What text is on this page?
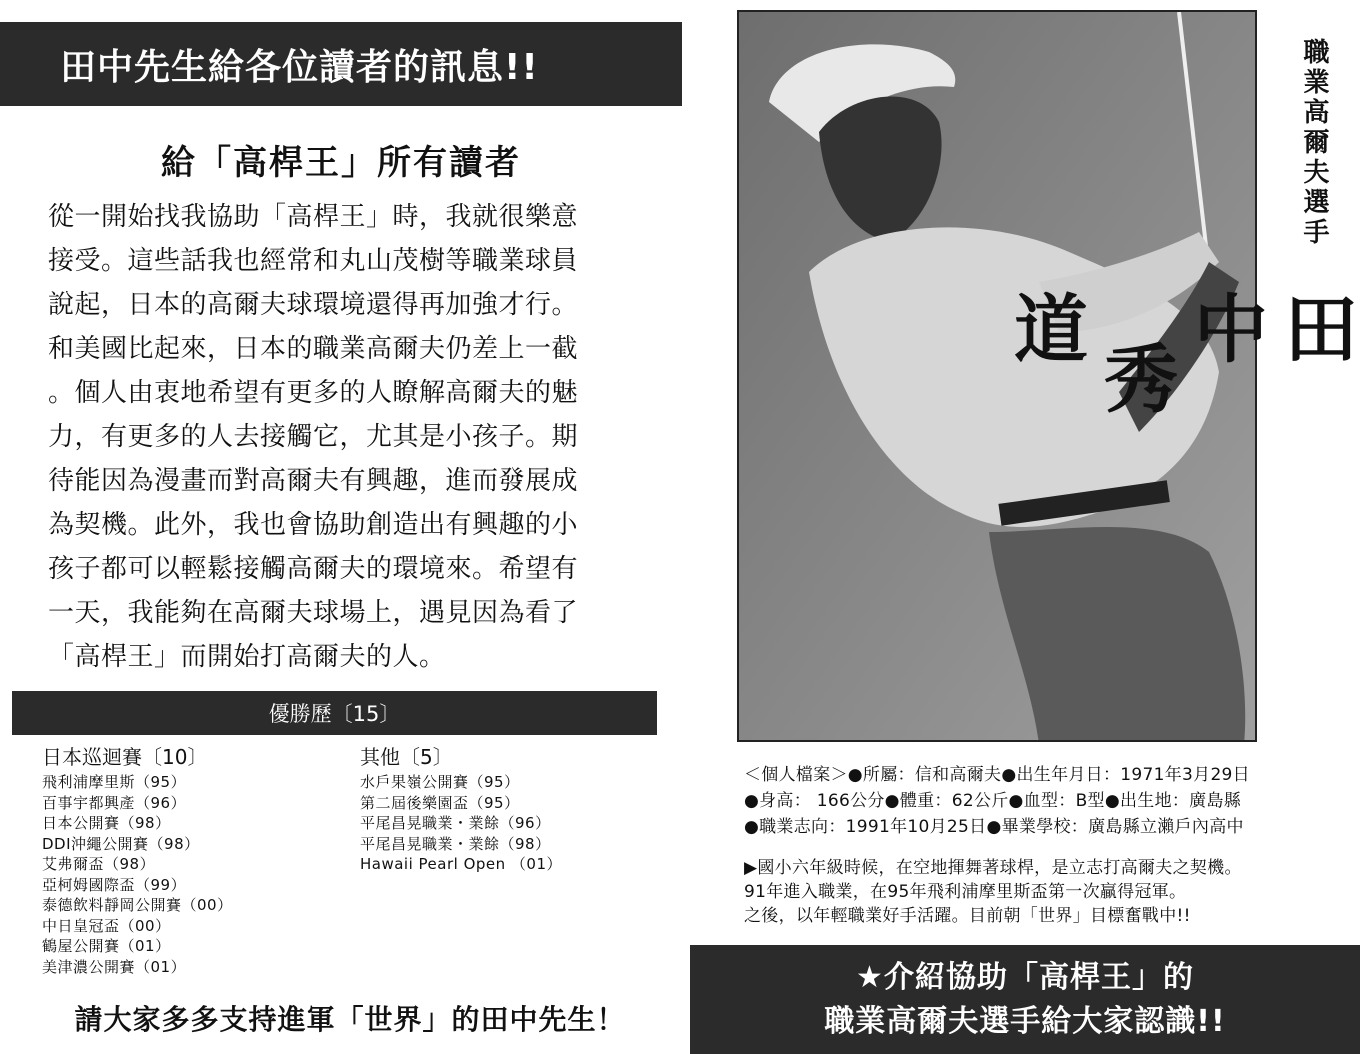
田中先生給各位讀者的訊息!!
給「高桿王」所有讀者
從一開始找我協助「高桿王」時，我就很樂意
接受。這些話我也經常和丸山茂樹等職業球員
說起，日本的高爾夫球環境還得再加強才行。
和美國比起來，日本的職業高爾夫仍差上一截
。個人由衷地希望有更多的人瞭解高爾夫的魅
力，有更多的人去接觸它，尤其是小孩子。期
待能因為漫畫而對高爾夫有興趣，進而發展成
為契機。此外，我也會協助創造出有興趣的小
孩子都可以輕鬆接觸高爾夫的環境來。希望有
一天，我能夠在高爾夫球場上，遇見因為看了
「高桿王」而開始打高爾夫的人。
優勝歷〔15〕
日本巡迴賽〔10〕
飛利浦摩里斯（95）
百事宇都興產（96）
日本公開賽（98）
DDI沖繩公開賽（98）
艾弗爾盃（98）
亞柯姆國際盃（99）
泰德飲料靜岡公開賽（00）
中日皇冠盃（00）
鶴屋公開賽（01）
美津濃公開賽（01）
其他〔5〕
水戶果嶺公開賽（95）
第二屆後樂園盃（95）
平尾昌晃職業・業餘（96）
平尾昌晃職業・業餘（98）
Hawaii Pearl Open （01）
請大家多多支持進軍「世界」的田中先生！
職業高爾夫選手
田
中
秀
道
＜個人檔案＞●所屬：信和高爾夫●出生年月日：1971年3月29日
●身高： 166公分●體重：62公斤●血型：B型●出生地：廣島縣
●職業志向：1991年10月25日●畢業學校：廣島縣立瀨戶內高中
▶國小六年級時候，在空地揮舞著球桿，是立志打高爾夫之契機。
91年進入職業，在95年飛利浦摩里斯盃第一次贏得冠軍。
之後，以年輕職業好手活躍。目前朝「世界」目標奮戰中!!
★介紹協助「高桿王」的
職業高爾夫選手給大家認識!!
